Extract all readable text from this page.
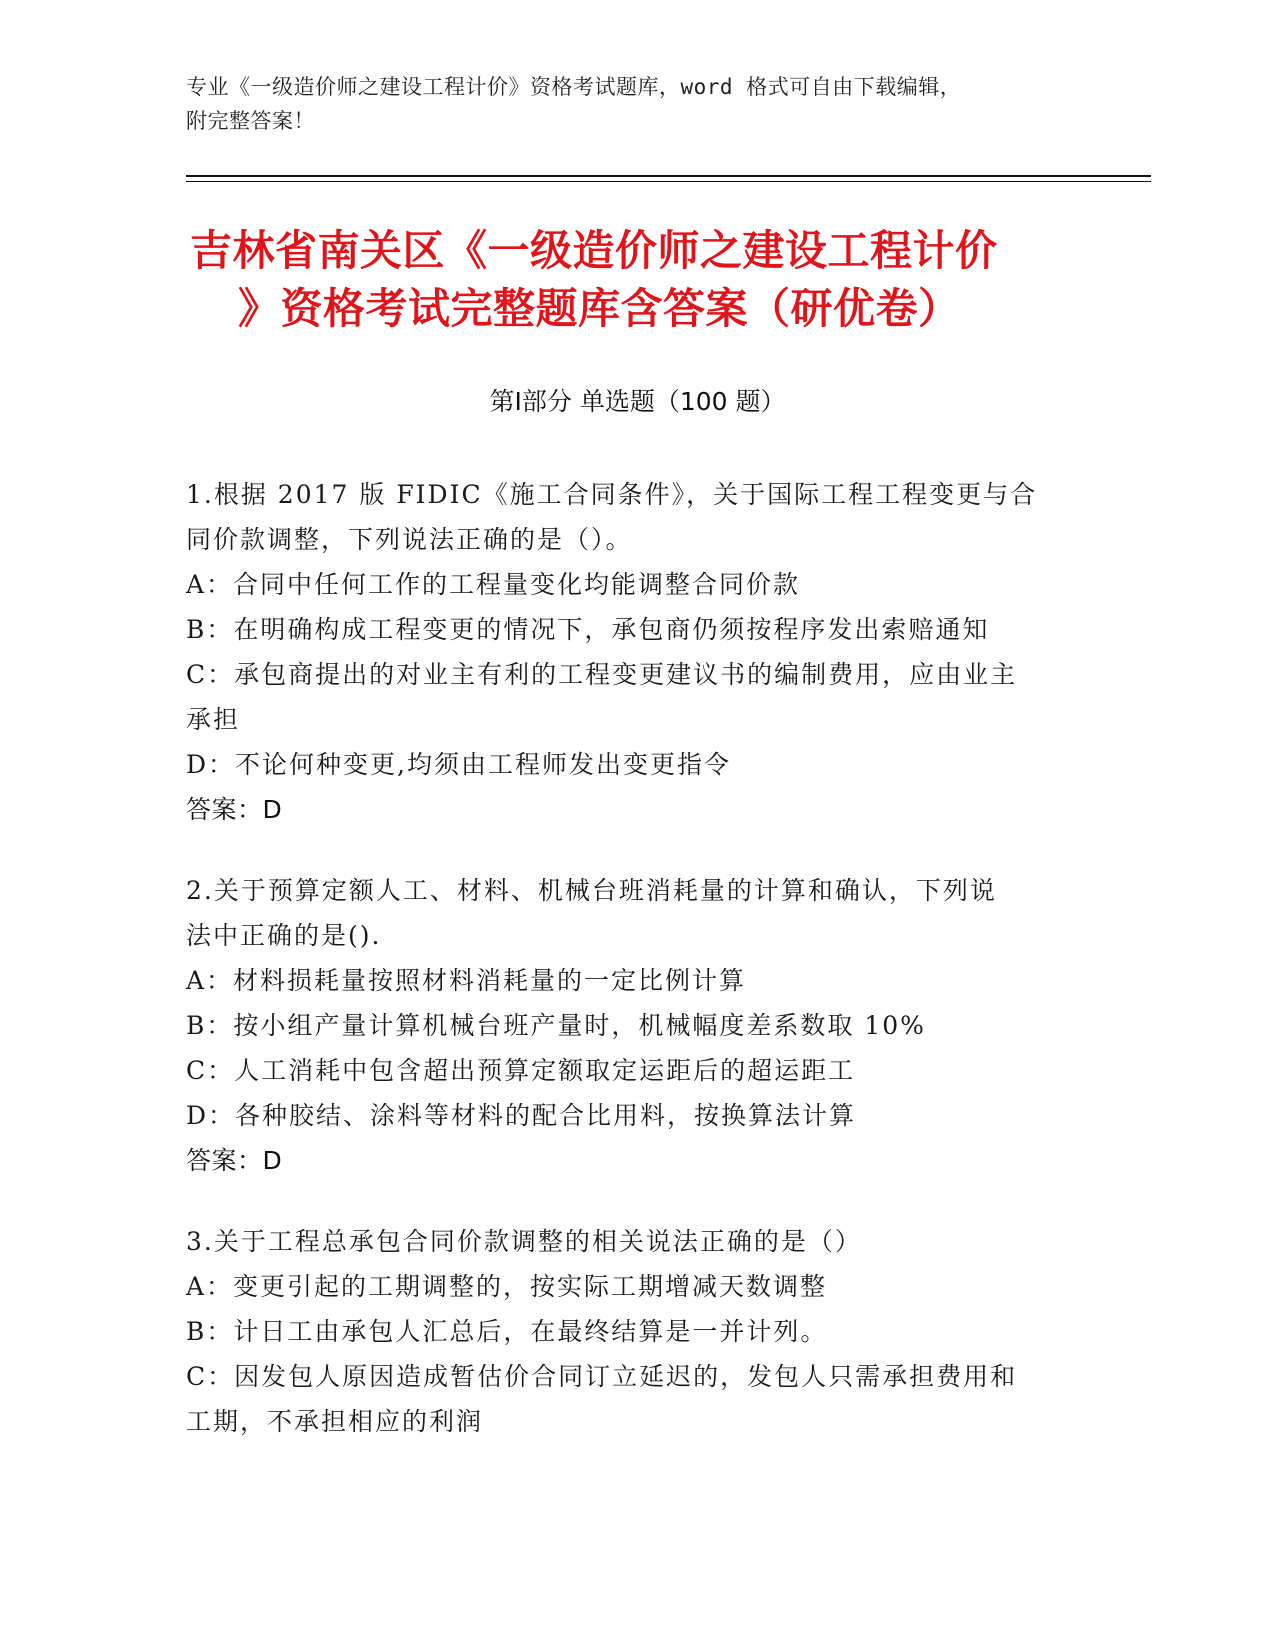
专业《一级造价师之建设工程计价》资格考试题库，word 格式可自由下载编辑，
附完整答案！
吉林省南关区《一级造价师之建设工程计价
》资格考试完整题库含答案（研优卷）
第Ⅰ部分 单选题（100 题）

1.根据 2017 版 FIDIC《施工合同条件》，关于国际工程工程变更与合

同价款调整，下列说法正确的是（）。

A：合同中任何工作的工程量变化均能调整合同价款

B：在明确构成工程变更的情况下，承包商仍须按程序发出索赔通知

C：承包商提出的对业主有利的工程变更建议书的编制费用，应由业主

承担

D：不论何种变更,均须由工程师发出变更指令

答案：D

2.关于预算定额人工、材料、机械台班消耗量的计算和确认，下列说

法中正确的是().

A：材料损耗量按照材料消耗量的一定比例计算

B：按小组产量计算机械台班产量时，机械幅度差系数取 10%

C：人工消耗中包含超出预算定额取定运距后的超运距工

D：各种胶结、涂料等材料的配合比用料，按换算法计算

答案：D

3.关于工程总承包合同价款调整的相关说法正确的是（）

A：变更引起的工期调整的，按实际工期增减天数调整

B：计日工由承包人汇总后，在最终结算是一并计列。

C：因发包人原因造成暂估价合同订立延迟的，发包人只需承担费用和

工期，不承担相应的利润
